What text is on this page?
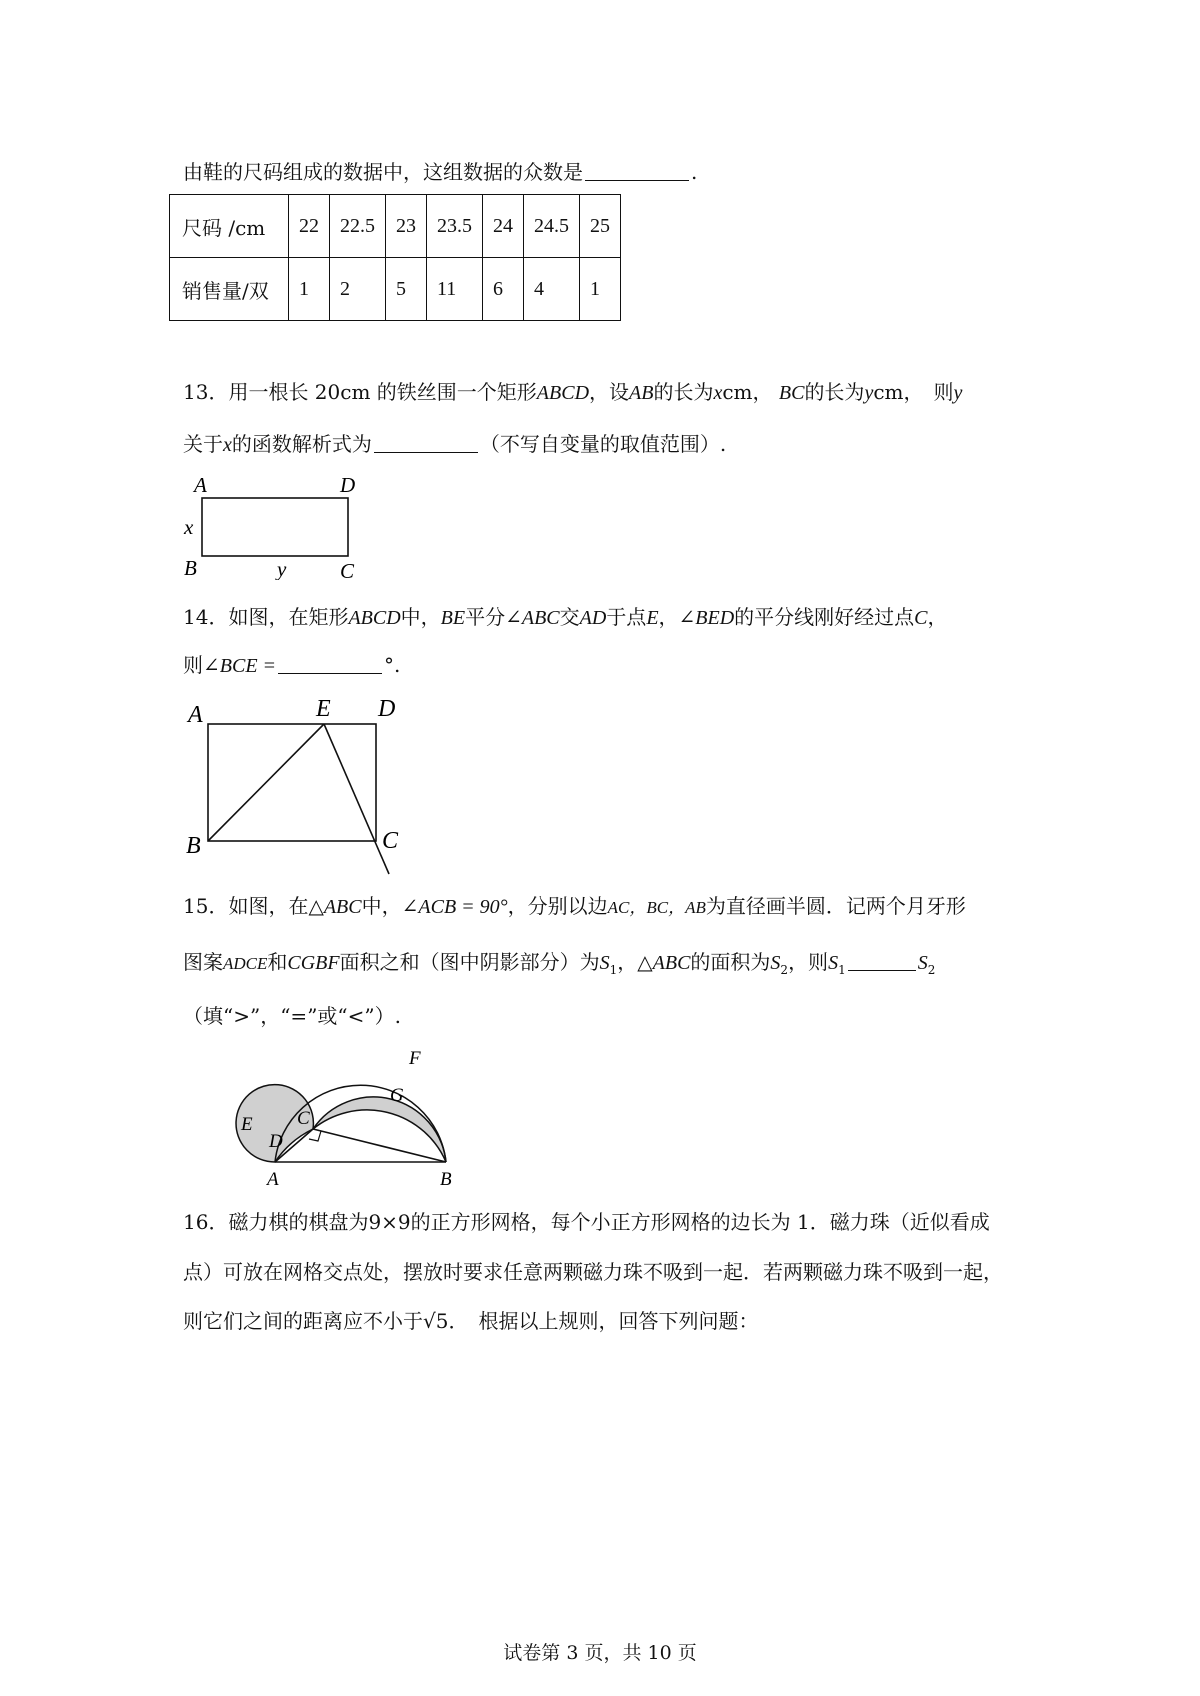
由鞋的尺码组成的数据中，这组数据的众数是	.
尺码 /cm	22	22.5	23	23.5	24	24.5	25
销售量/双	1	2	5	11	6	4	1
13．用一根长 20cm 的铁丝围一个矩形ABCD，设AB的长为xcm， BC的长为ycm，　则y
关于x的函数解析式为	（不写自变量的取值范围）.
A	D
x
B	y	C
14．如图，在矩形ABCD中，BE平分∠ABC交AD于点E，∠BED的平分线刚好经过点C，
则∠BCE =	°.
A	E D
B	C
15．如图，在△ABC中，∠ACB = 90°，分别以边AC，BC，AB为直径画半圆．记两个月牙形
图案ADCE和CGBF面积之和（图中阴影部分）为$S_1$，△ABC的面积为$S_2$，则$S_1$	$S_2$
（填“>”，“=”或“<”）.
A	B
C
D
E
F
G
16．磁力棋的棋盘为9×9的正方形网格，每个小正方形网格的边长为 1．磁力珠（近似看成
点）可放在网格交点处，摆放时要求任意两颗磁力珠不吸到一起．若两颗磁力珠不吸到一起，
则它们之间的距离应不小于√5．　根据以上规则，回答下列问题：
试卷第 3 页，共 10 页
